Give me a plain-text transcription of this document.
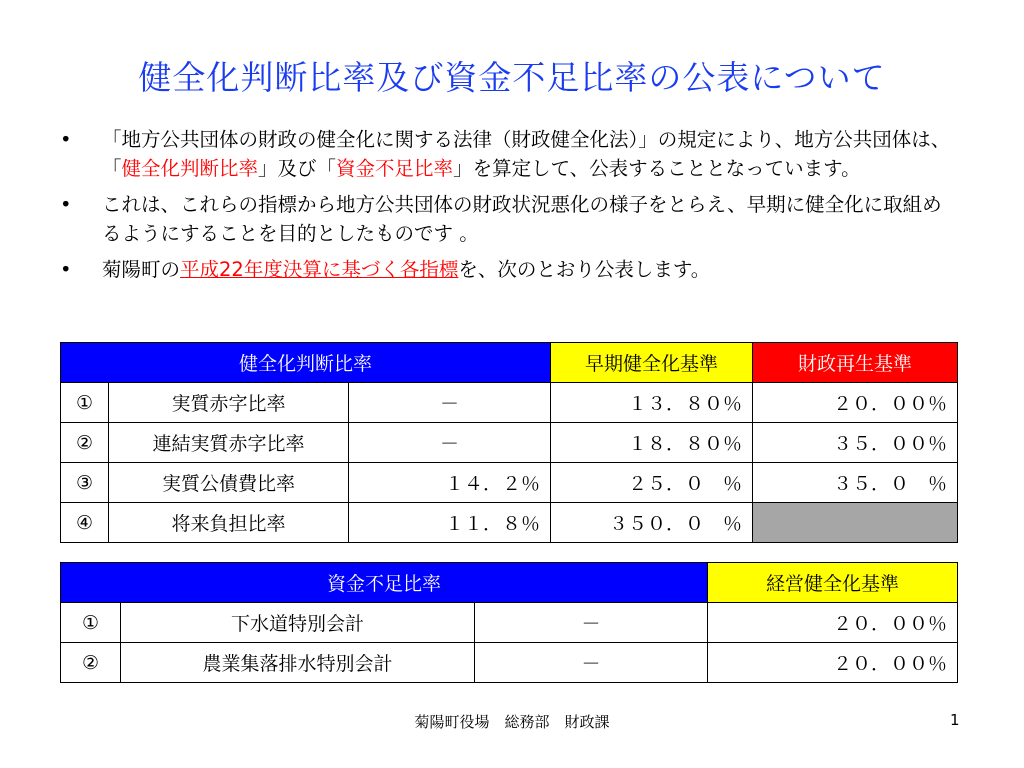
健全化判断比率及び資金不足比率の公表について
• 「地方公共団体の財政の健全化に関する法律（財政健全化法）」の規定により、地方公共団体は、「健全化判断比率」及び「資金不足比率」を算定して、公表することとなっています。
• これは、これらの指標から地方公共団体の財政状況悪化の様子をとらえ、早期に健全化に取組めるようにすることを目的としたものです 。
• 菊陽町の平成22年度決算に基づく各指標を、次のとおり公表します。
健全化判断比率			早期健全化基準	財政再生基準
①	実質赤字比率	－	１３．８０％	２０．００％
②	連結実質赤字比率	－	１８．８０％	３５．００％
③	実質公債費比率	１４．２％	２５．０　％	３５．０　％
④	将来負担比率	１１．８％	３５０．０　％	
資金不足比率			経営健全化基準
①	下水道特別会計	－	２０．００％
②	農業集落排水特別会計	－	２０．００％
菊陽町役場　総務部　財政課	1
